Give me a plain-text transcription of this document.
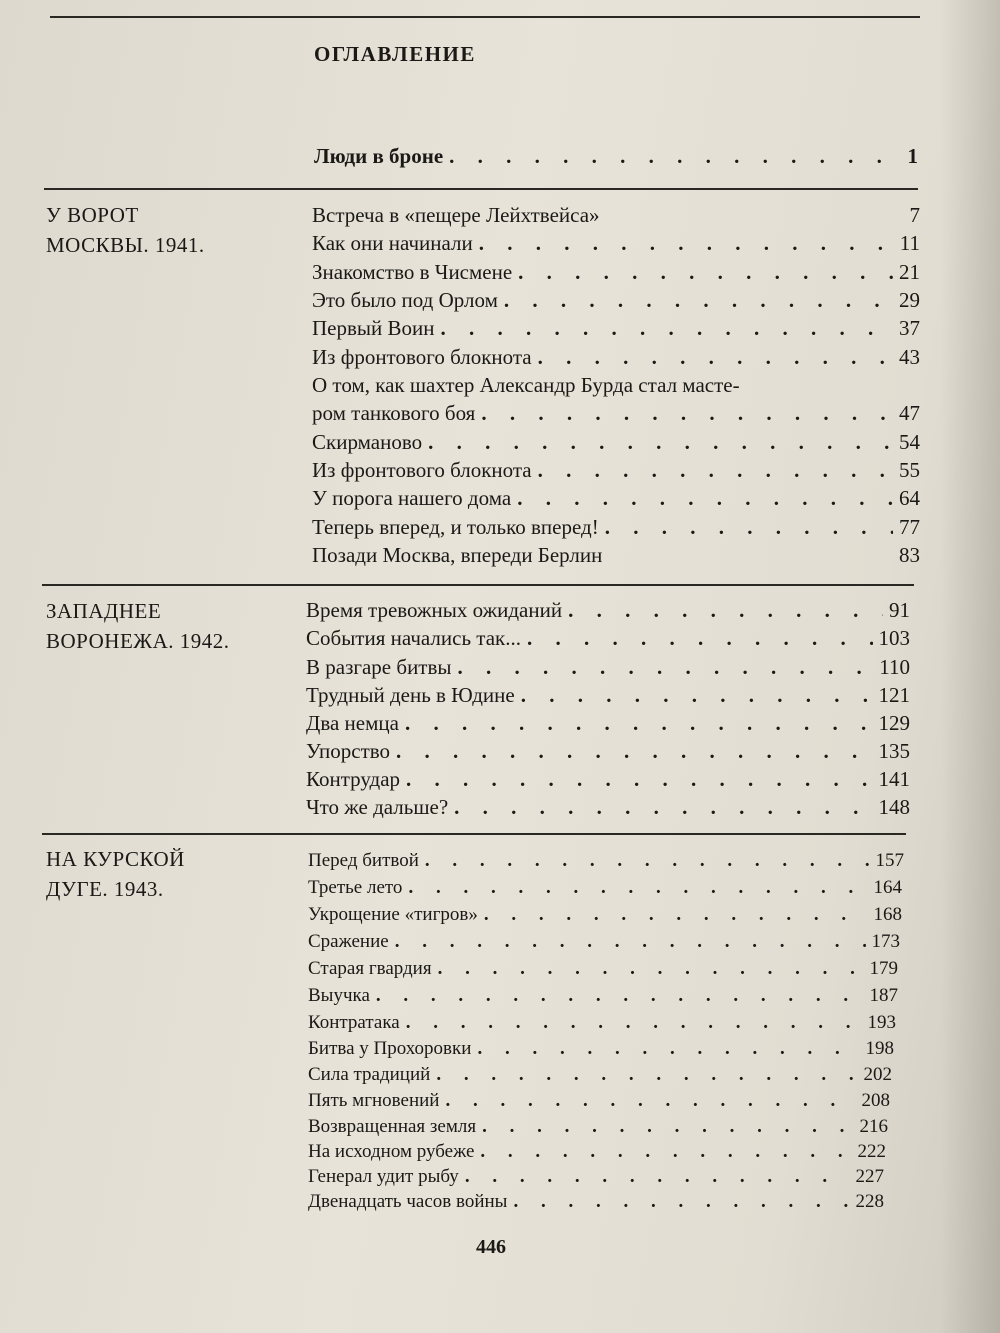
ОГЛАВЛЕНИЕ
Люди в броне . . .	1
У ВОРОТ
МОСКВЫ. 1941.
Встреча в «пещере Лейхтвейса»	7
Как они начинали . . .	11
Знакомство в Чисмене . . .	21
Это было под Орлом . . .	29
Первый Воин . . .	37
Из фронтового блокнота . . .	43
О том, как шахтер Александр Бурда стал масте-
ром танкового боя . . .	47
Скирманово . . .	54
Из фронтового блокнота . . .	55
У порога нашего дома . . .	64
Теперь вперед, и только вперед! . . .	77
Позади Москва, впереди Берлин	83
ЗАПАДНЕЕ
ВОРОНЕЖА. 1942.
Время тревожных ожиданий . . .	91
События начались так... . . .	103
В разгаре битвы . . .	110
Трудный день в Юдине . . .	121
Два немца . . .	129
Упорство . . .	135
Контрудар . . .	141
Что же дальше? . . .	148
НА КУРСКОЙ
ДУГЕ. 1943.
Перед битвой . . .	157
Третье лето . . .	164
Укрощение «тигров» . . .	168
Сражение . . .	173
Старая гвардия . . .	179
Выучка . . .	187
Контратака . . .	193
Битва у Прохоровки . . .	198
Сила традиций . . .	202
Пять мгновений . . .	208
Возвращенная земля . . .	216
На исходном рубеже . . .	222
Генерал удит рыбу . . .	227
Двенадцать часов войны . . .	228
446
